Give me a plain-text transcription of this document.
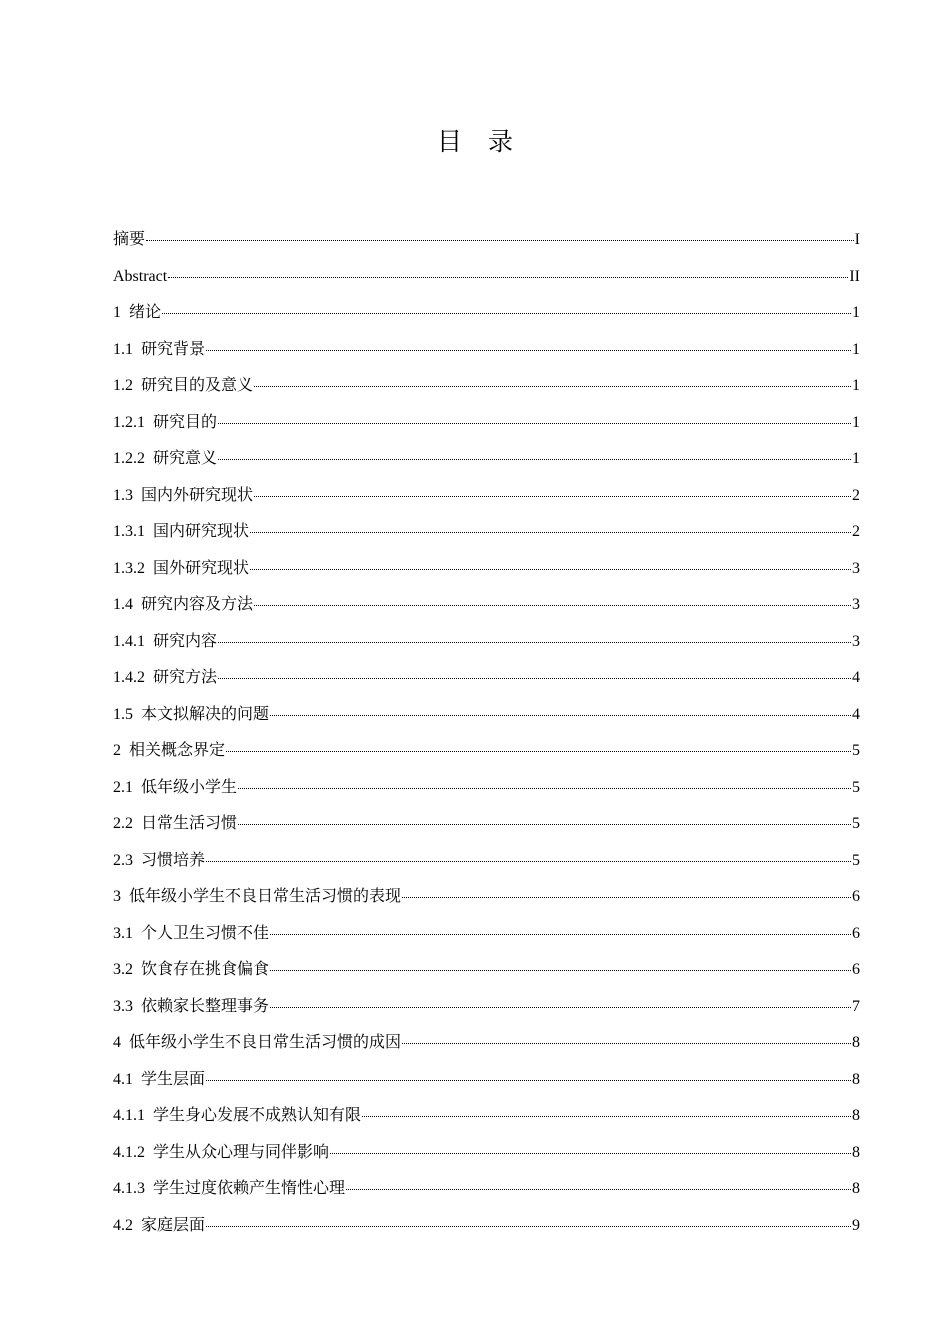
目录
摘要	I
Abstract	II
1 绪论	1
1.1 研究背景	1
1.2 研究目的及意义	1
1.2.1 研究目的	1
1.2.2 研究意义	1
1.3 国内外研究现状	2
1.3.1 国内研究现状	2
1.3.2 国外研究现状	3
1.4 研究内容及方法	3
1.4.1 研究内容	3
1.4.2 研究方法	4
1.5 本文拟解决的问题	4
2 相关概念界定	5
2.1 低年级小学生	5
2.2 日常生活习惯	5
2.3 习惯培养	5
3 低年级小学生不良日常生活习惯的表现	6
3.1 个人卫生习惯不佳	6
3.2 饮食存在挑食偏食	6
3.3 依赖家长整理事务	7
4 低年级小学生不良日常生活习惯的成因	8
4.1 学生层面	8
4.1.1 学生身心发展不成熟认知有限	8
4.1.2 学生从众心理与同伴影响	8
4.1.3 学生过度依赖产生惰性心理	8
4.2 家庭层面	9
